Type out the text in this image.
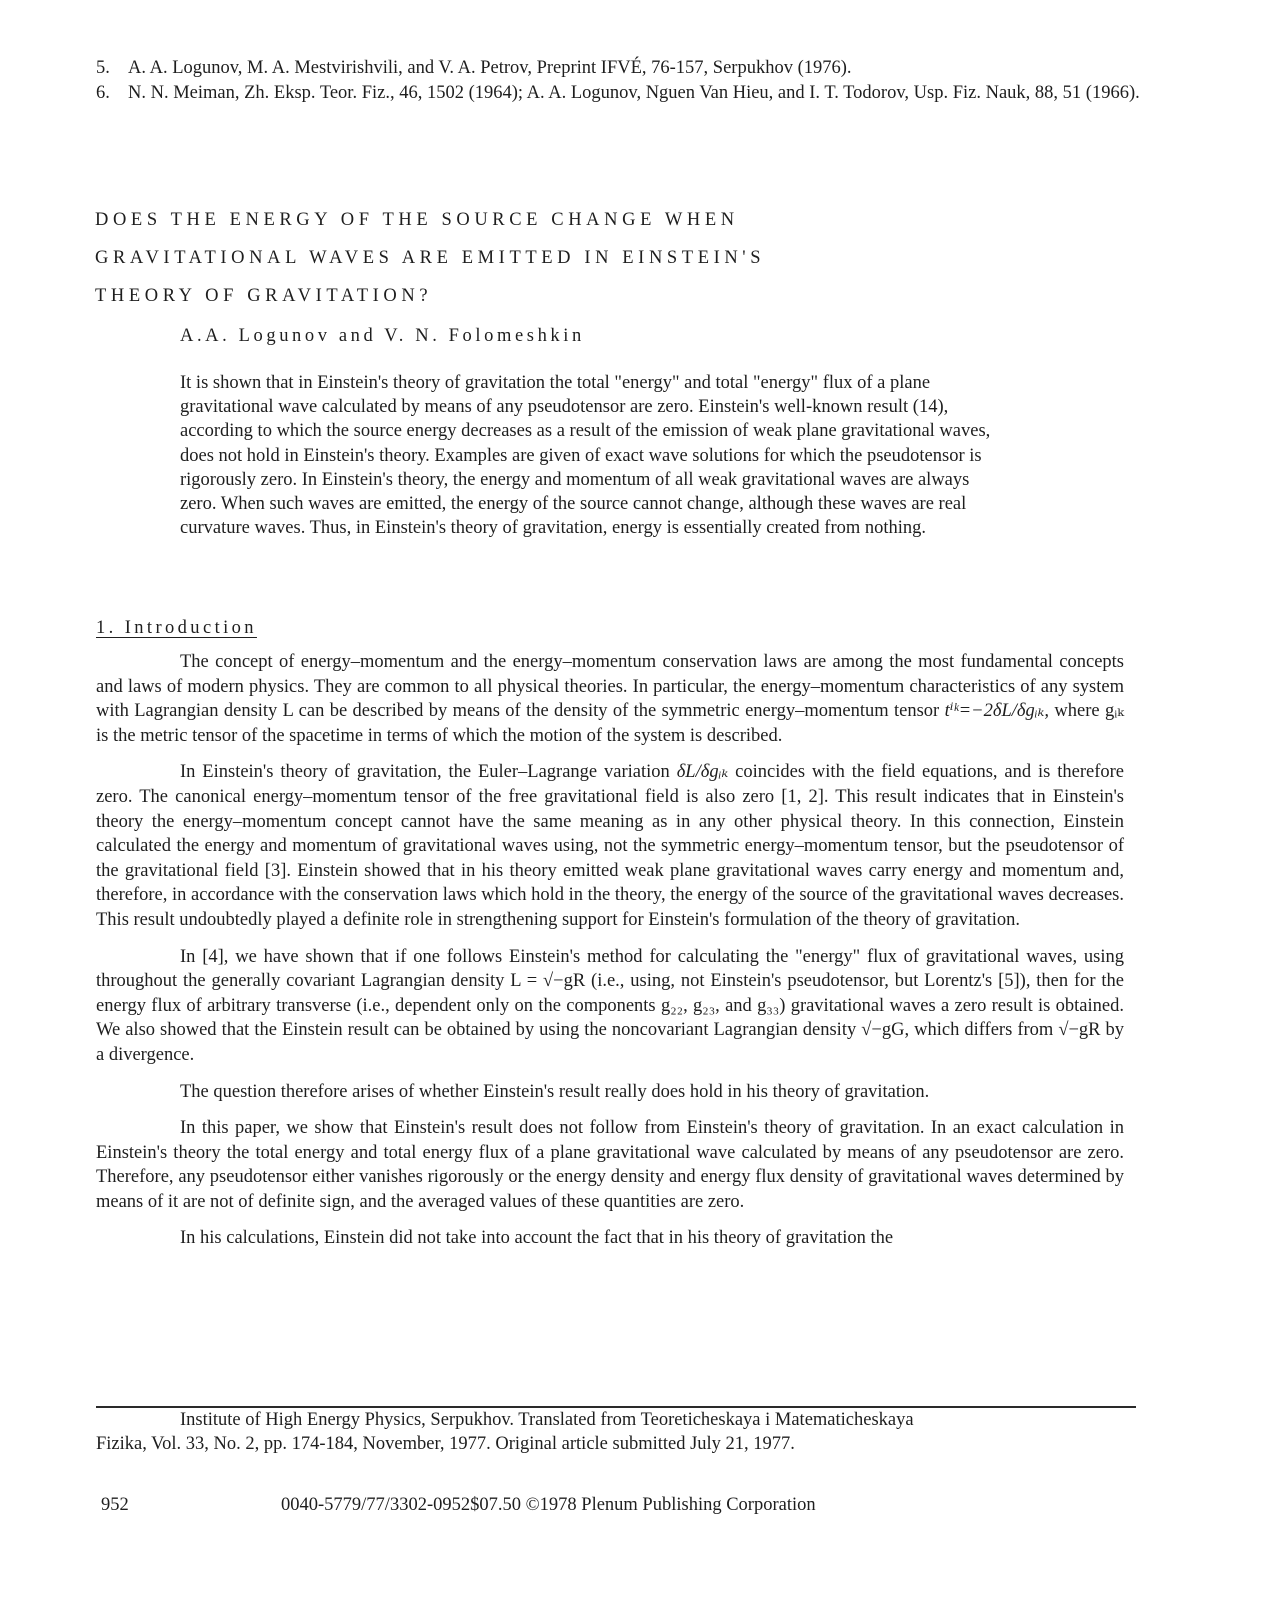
5. A. A. Logunov, M. A. Mestvirishvili, and V. A. Petrov, Preprint IFVÉ, 76-157, Serpukhov (1976).
6. N. N. Meiman, Zh. Eksp. Teor. Fiz., 46, 1502 (1964); A. A. Logunov, Nguen Van Hieu, and I. T. Todorov, Usp. Fiz. Nauk, 88, 51 (1966).
DOES THE ENERGY OF THE SOURCE CHANGE WHEN
GRAVITATIONAL WAVES ARE EMITTED IN EINSTEIN'S
THEORY OF GRAVITATION?
A.A. Logunov and V. N. Folomeshkin
It is shown that in Einstein's theory of gravitation the total "energy" and total "energy" flux of a plane gravitational wave calculated by means of any pseudotensor are zero. Einstein's well-known result (14), according to which the source energy decreases as a result of the emission of weak plane gravitational waves, does not hold in Einstein's theory. Examples are given of exact wave solutions for which the pseudotensor is rigorously zero. In Einstein's theory, the energy and momentum of all weak gravitational waves are always zero. When such waves are emitted, the energy of the source cannot change, although these waves are real curvature waves. Thus, in Einstein's theory of gravitation, energy is essentially created from nothing.
1. Introduction

The concept of energy–momentum and the energy–momentum conservation laws are among the most fundamental concepts and laws of modern physics. They are common to all physical theories. In particular, the energy–momentum characteristics of any system with Lagrangian density L can be described by means of the density of the symmetric energy–momentum tensor tⁱᵏ=−2δL/δgᵢₖ, where gᵢₖ is the metric tensor of the spacetime in terms of which the motion of the system is described.

In Einstein's theory of gravitation, the Euler–Lagrange variation δL/δgᵢₖ coincides with the field equations, and is therefore zero. The canonical energy–momentum tensor of the free gravitational field is also zero [1, 2]. This result indicates that in Einstein's theory the energy–momentum concept cannot have the same meaning as in any other physical theory. In this connection, Einstein calculated the energy and momentum of gravitational waves using, not the symmetric energy–momentum tensor, but the pseudotensor of the gravitational field [3]. Einstein showed that in his theory emitted weak plane gravitational waves carry energy and momentum and, therefore, in accordance with the conservation laws which hold in the theory, the energy of the source of the gravitational waves decreases. This result undoubtedly played a definite role in strengthening support for Einstein's formulation of the theory of gravitation.

In [4], we have shown that if one follows Einstein's method for calculating the "energy" flux of gravitational waves, using throughout the generally covariant Lagrangian density L = √−gR (i.e., using, not Einstein's pseudotensor, but Lorentz's [5]), then for the energy flux of arbitrary transverse (i.e., dependent only on the components g₂₂, g₂₃, and g₃₃) gravitational waves a zero result is obtained. We also showed that the Einstein result can be obtained by using the noncovariant Lagrangian density √−gG, which differs from √−gR by a divergence.

The question therefore arises of whether Einstein's result really does hold in his theory of gravitation.

In this paper, we show that Einstein's result does not follow from Einstein's theory of gravitation. In an exact calculation in Einstein's theory the total energy and total energy flux of a plane gravitational wave calculated by means of any pseudotensor are zero. Therefore, any pseudotensor either vanishes rigorously or the energy density and energy flux density of gravitational waves determined by means of it are not of definite sign, and the averaged values of these quantities are zero.

In his calculations, Einstein did not take into account the fact that in his theory of gravitation the

Institute of High Energy Physics, Serpukhov. Translated from Teoreticheskaya i Matematicheskaya
Fizika, Vol. 33, No. 2, pp. 174-184, November, 1977. Original article submitted July 21, 1977.
952	0040-5779/77/3302-0952$07.50 ©1978 Plenum Publishing Corporation
